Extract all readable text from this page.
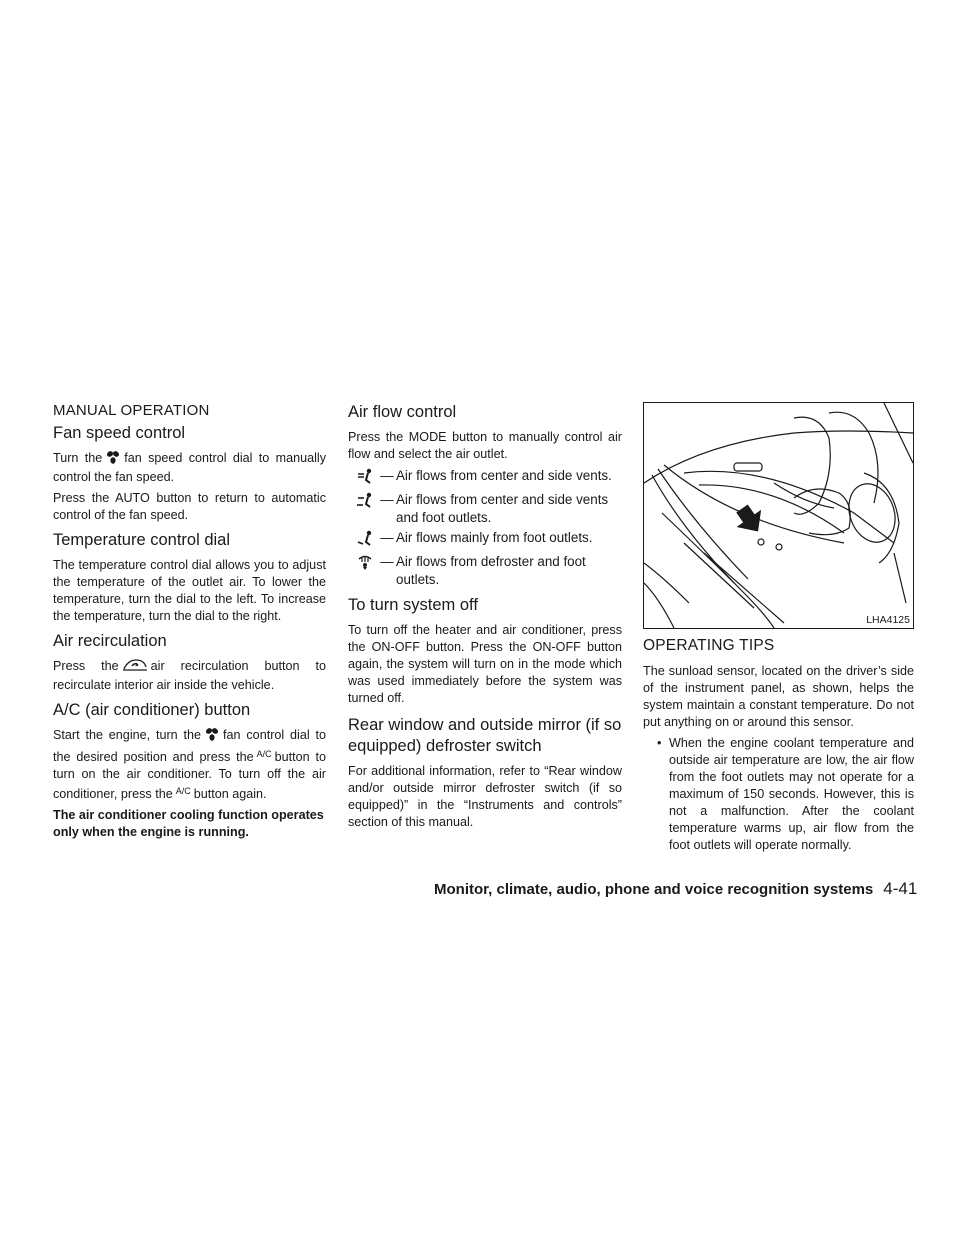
MANUAL OPERATION
Fan speed control

Turn the fan speed control dial to manually control the fan speed.

Press the AUTO button to return to automatic control of the fan speed.

Temperature control dial

The temperature control dial allows you to adjust the temperature of the outlet air. To lower the temperature, turn the dial to the left. To increase the temperature, turn the dial to the right.

Air recirculation

Press the	air recirculation button to recirculate interior air inside the vehicle.

A/C (air conditioner) button

Start the engine, turn the fan control dial to the desired position and press the A/C button to turn on the air conditioner. To turn off the air conditioner, press the A/C button again.

The air conditioner cooling function operates only when the engine is running.

Air flow control

Press the MODE button to manually control air flow and select the air outlet.

— Air flows from center and side vents.
— Air flows from center and side vents and foot outlets.
— Air flows mainly from foot outlets.
— Air flows from defroster and foot outlets.
To turn system off

To turn off the heater and air conditioner, press the ON-OFF button. Press the ON-OFF button again, the system will turn on in the mode which was used immediately before the system was turned off.

Rear window and outside mirror (if so equipped) defroster switch

For additional information, refer to “Rear window and/or outside mirror defroster switch (if so equipped)” in the “Instruments and controls” section of this manual.

LHA4125
OPERATING TIPS

The sunload sensor, located on the driver’s side of the instrument panel, as shown, helps the system maintain a constant temperature. Do not put anything on or around this sensor.

• When the engine coolant temperature and outside air temperature are low, the air flow from the foot outlets may not operate for a maximum of 150 seconds. However, this is not a malfunction. After the coolant temperature warms up, air flow from the foot outlets will operate normally.
Monitor, climate, audio, phone and voice recognition systems 4-41
